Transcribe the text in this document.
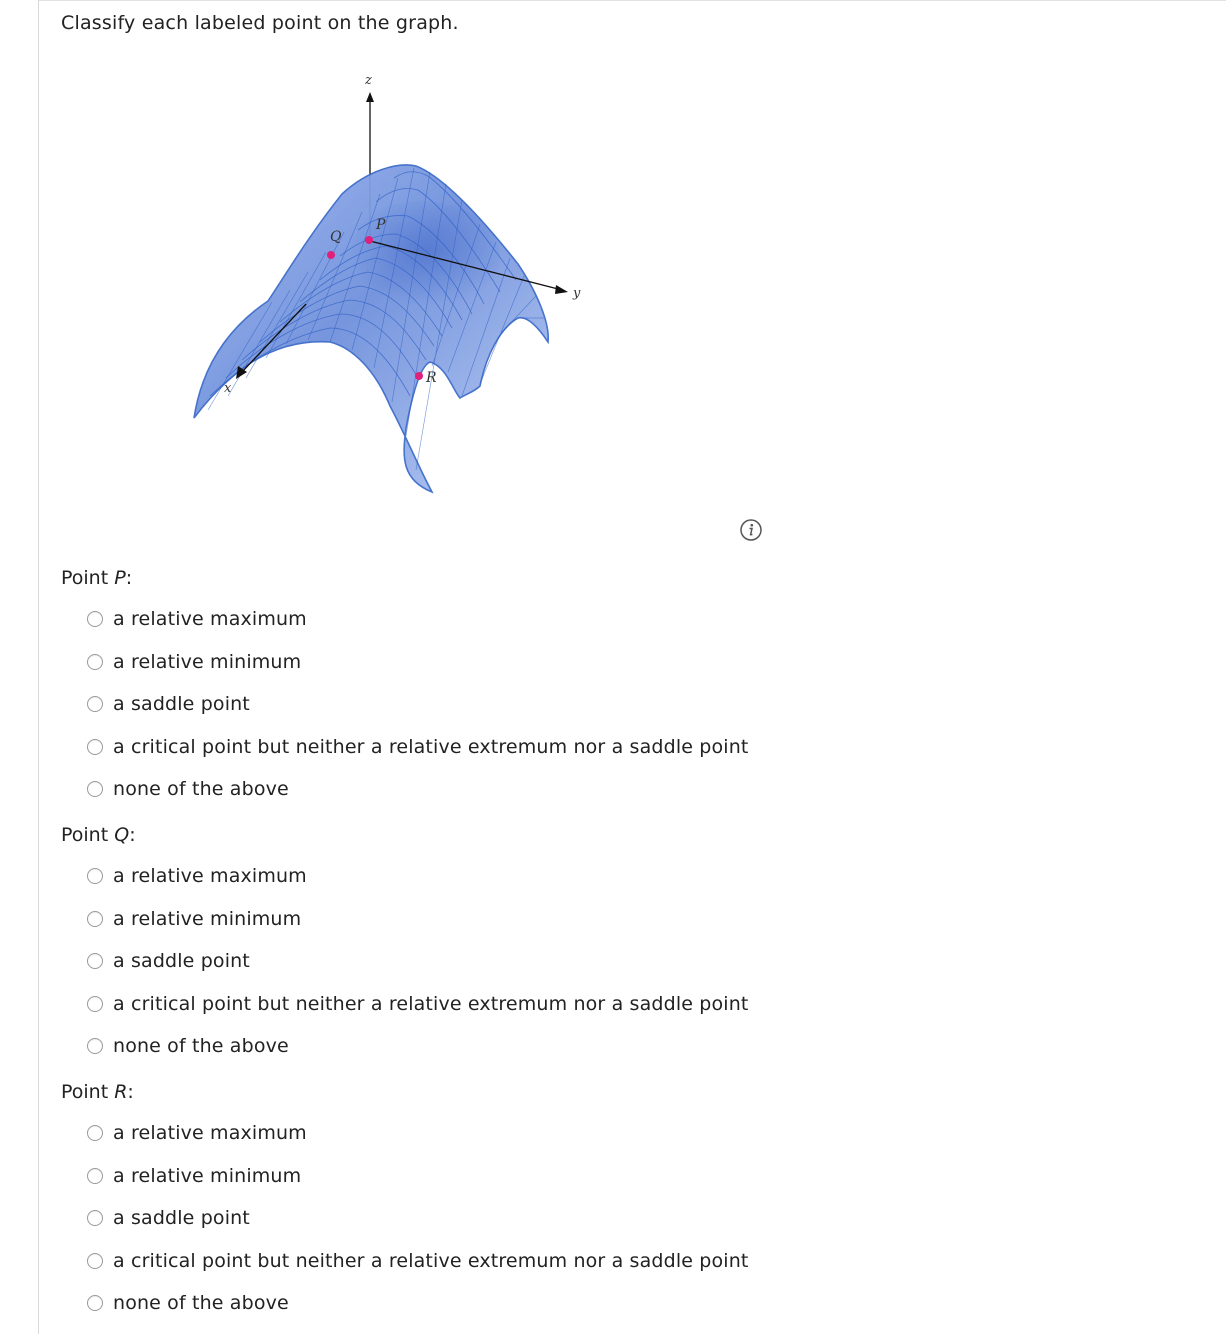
Classify each labeled point on the graph.
z
y
x
P
Q
R
Point P:
a relative maximum
a relative minimum
a saddle point
a critical point but neither a relative extremum nor a saddle point
none of the above
Point Q:
a relative maximum
a relative minimum
a saddle point
a critical point but neither a relative extremum nor a saddle point
none of the above
Point R:
a relative maximum
a relative minimum
a saddle point
a critical point but neither a relative extremum nor a saddle point
none of the above
